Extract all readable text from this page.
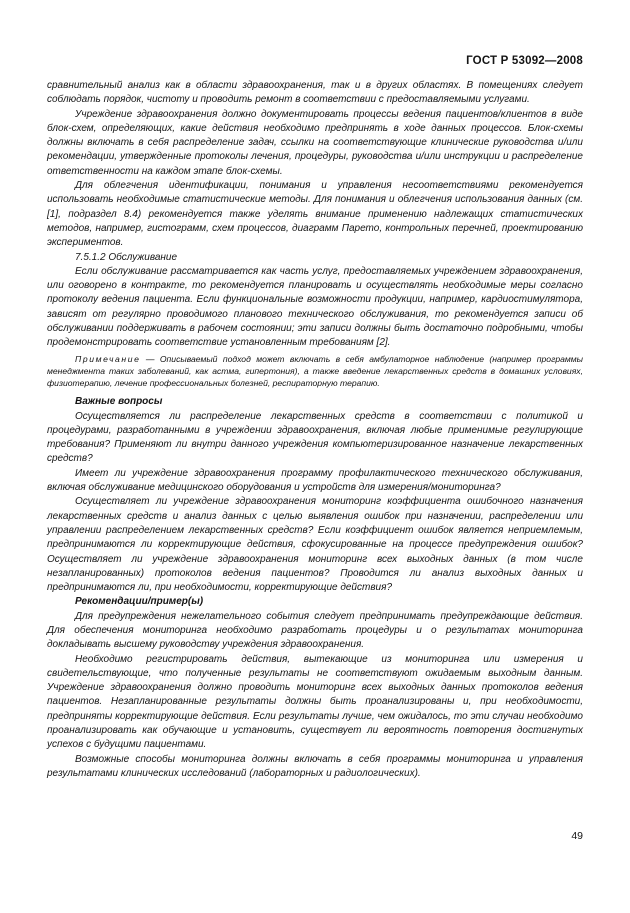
ГОСТ Р 53092—2008

сравнительный анализ как в области здравоохранения, так и в других областях. В помещениях следует соблюдать порядок, чистоту и проводить ремонт в соответствии с предоставляемыми услугами.

Учреждение здравоохранения должно документировать процессы ведения пациентов/клиентов в виде блок-схем, определяющих, какие действия необходимо предпринять в ходе данных процессов. Блок-схемы должны включать в себя распределение задач, ссылки на соответствующие клинические руководства и/или рекомендации, утвержденные протоколы лечения, процедуры, руководства и/или инструкции и распределение ответственности на каждом этапе блок-схемы.

Для облегчения идентификации, понимания и управления несоответствиями рекомендуется использовать необходимые статистические методы. Для понимания и облегчения использования данных (см. [1], подраздел 8.4) рекомендуется также уделять внимание применению надлежащих статистических методов, например, гистограмм, схем процессов, диаграмм Парето, контрольных перечней, проектированию экспериментов.

7.5.1.2 Обслуживание

Если обслуживание рассматривается как часть услуг, предоставляемых учреждением здравоохранения, или оговорено в контракте, то рекомендуется планировать и осуществлять необходимые меры согласно протоколу ведения пациента. Если функциональные возможности продукции, например, кардиостимулятора, зависят от регулярно проводимого планового технического обслуживания, то рекомендуется записи об обслуживании поддерживать в рабочем состоянии; эти записи должны быть достаточно подробными, чтобы продемонстрировать соответствие установленным требованиям [2].

Примечание — Описываемый подход может включать в себя амбулаторное наблюдение (например программы менеджмента таких заболеваний, как астма, гипертония), а также введение лекарственных средств в домашних условиях, физиотерапию, лечение профессиональных болезней, респираторную терапию.

Важные вопросы

Осуществляется ли распределение лекарственных средств в соответствии с политикой и процедурами, разработанными в учреждении здравоохранения, включая любые применимые регулирующие требования? Применяют ли внутри данного учреждения компьютеризированное назначение лекарственных средств?

Имеет ли учреждение здравоохранения программу профилактического технического обслуживания, включая обслуживание медицинского оборудования и устройств для измерения/мониторинга?

Осуществляет ли учреждение здравоохранения мониторинг коэффициента ошибочного назначения лекарственных средств и анализ данных с целью выявления ошибок при назначении, распределении или управлении распределением лекарственных средств? Если коэффициент ошибок является неприемлемым, предпринимаются ли корректирующие действия, сфокусированные на процессе предупреждения ошибок? Осуществляет ли учреждение здравоохранения мониторинг всех выходных данных (в том числе незапланированных) протоколов ведения пациентов? Проводится ли анализ выходных данных и предпринимаются ли, при необходимости, корректирующие действия?

Рекомендации/пример(ы)

Для предупреждения нежелательного события следует предпринимать предупреждающие действия. Для обеспечения мониторинга необходимо разработать процедуры и о результатах мониторинга докладывать высшему руководству учреждения здравоохранения.

Необходимо регистрировать действия, вытекающие из мониторинга или измерения и свидетельствующие, что полученные результаты не соответствуют ожидаемым выходным данным. Учреждение здравоохранения должно проводить мониторинг всех выходных данных протоколов ведения пациентов. Незапланированные результаты должны быть проанализированы и, при необходимости, предприняты корректирующие действия. Если результаты лучше, чем ожидалось, то эти случаи необходимо проанализировать как обучающие и установить, существует ли вероятность повторения достигнутых успехов с будущими пациентами.

Возможные способы мониторинга должны включать в себя программы мониторинга и управления результатами клинических исследований (лабораторных и радиологических).

49
